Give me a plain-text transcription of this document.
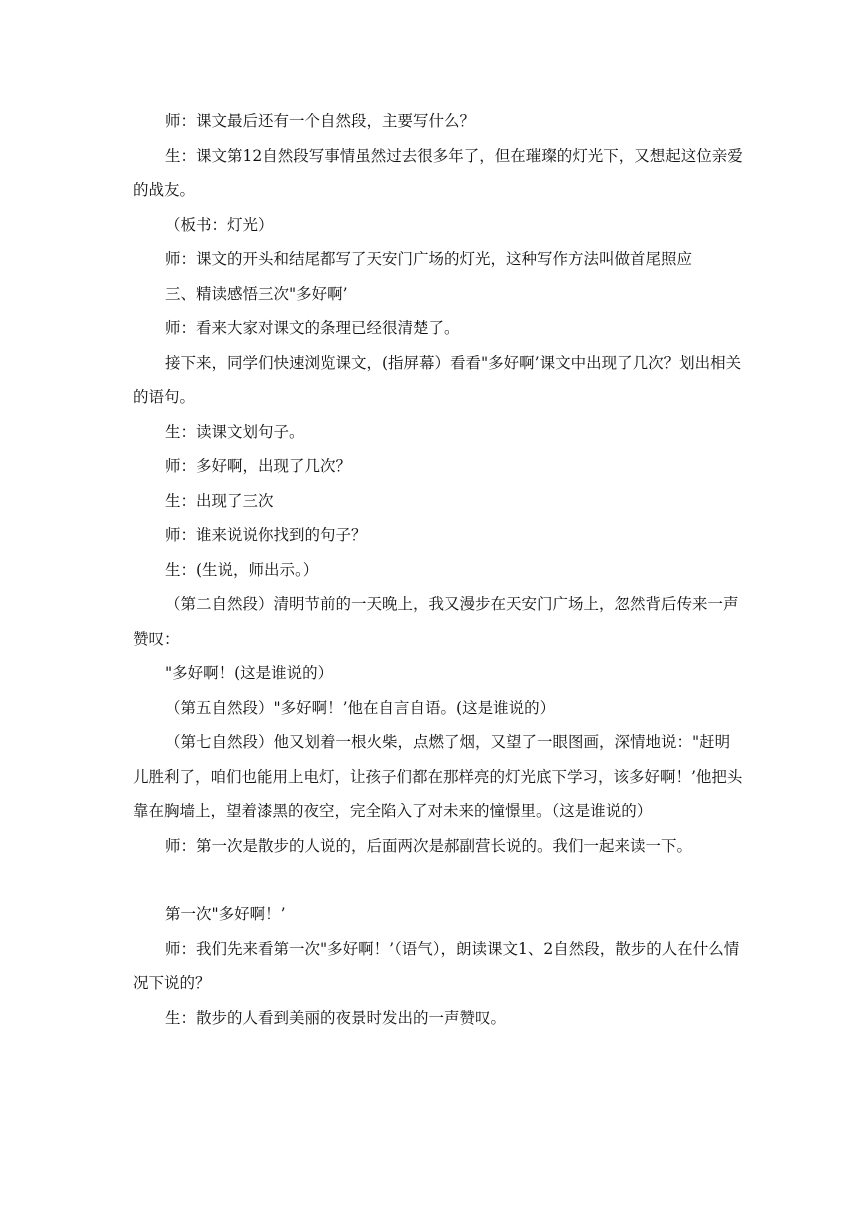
师：课文最后还有一个自然段，主要写什么？

生：课文第12自然段写事情虽然过去很多年了，但在璀璨的灯光下，又想起这位亲爱的战友。

（板书：灯光）

师：课文的开头和结尾都写了天安门广场的灯光，这种写作方法叫做首尾照应

三、精读感悟三次"多好啊’

师：看来大家对课文的条理已经很清楚了。

接下来，同学们快速浏览课文，(指屏幕）看看"多好啊’课文中出现了几次？划出相关的语句。

生：读课文划句子。

师：多好啊，出现了几次？

生：出现了三次

师：谁来说说你找到的句子？

生：(生说，师出示。）

（第二自然段）清明节前的一天晚上，我又漫步在天安门广场上，忽然背后传来一声赞叹：

"多好啊！(这是谁说的）

（第五自然段）"多好啊！’他在自言自语。(这是谁说的）

（第七自然段）他又划着一根火柴，点燃了烟，又望了一眼图画，深情地说："赶明儿胜利了，咱们也能用上电灯，让孩子们都在那样亮的灯光底下学习，该多好啊！’他把头靠在胸墙上，望着漆黑的夜空，完全陷入了对未来的憧憬里。（这是谁说的）

师：第一次是散步的人说的，后面两次是郝副营长说的。我们一起来读一下。

第一次"多好啊！’

师：我们先来看第一次"多好啊！’（语气），朗读课文1、2自然段，散步的人在什么情况下说的？

生：散步的人看到美丽的夜景时发出的一声赞叹。
